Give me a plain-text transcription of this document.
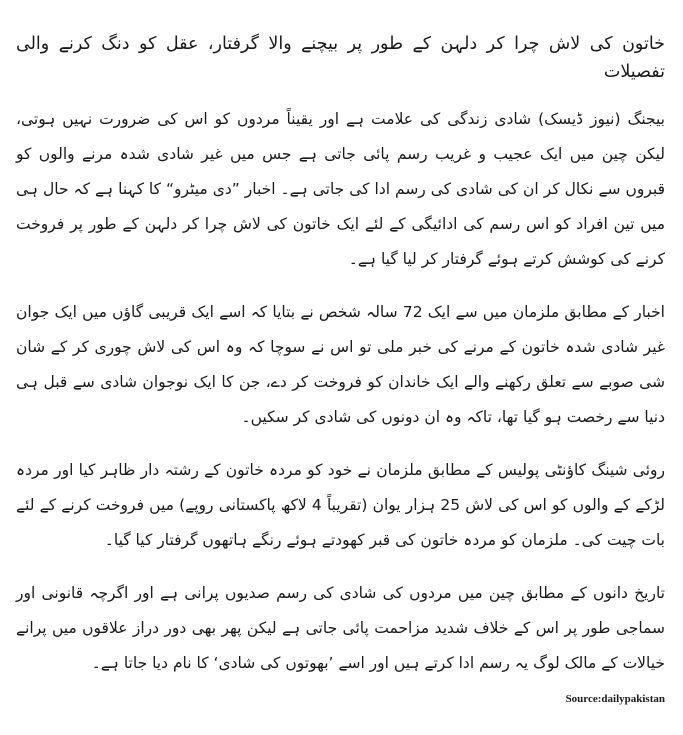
خاتون کی لاش چرا کر دلہن کے طور پر بیچنے والا گرفتار، عقل کو دنگ کرنے والی تفصیلات

بیجنگ (نیوز ڈیسک) شادی زندگی کی علامت ہے اور یقیناً مردوں کو اس کی ضرورت نہیں ہوتی، لیکن چین میں ایک عجیب و غریب رسم پائی جاتی ہے جس میں غیر شادی شدہ مرنے والوں کو قبروں سے نکال کر ان کی شادی کی رسم ادا کی جاتی ہے۔ اخبار ”دی میٹرو“ کا کہنا ہے کہ حال ہی میں تین افراد کو اس رسم کی ادائیگی کے لئے ایک خاتون کی لاش چرا کر دلہن کے طور پر فروخت کرنے کی کوشش کرتے ہوئے گرفتار کر لیا گیا ہے۔

اخبار کے مطابق ملزمان میں سے ایک 72 سالہ شخص نے بتایا کہ اسے ایک قریبی گاؤں میں ایک جوان غیر شادی شدہ خاتون کے مرنے کی خبر ملی تو اس نے سوچا کہ وہ اس کی لاش چوری کر کے شان شی صوبے سے تعلق رکھنے والے ایک خاندان کو فروخت کر دے، جن کا ایک نوجوان شادی سے قبل ہی دنیا سے رخصت ہو گیا تھا، تاکہ وہ ان دونوں کی شادی کر سکیں۔

روئی شینگ کاؤنٹی پولیس کے مطابق ملزمان نے خود کو مردہ خاتون کے رشتہ دار ظاہر کیا اور مردہ لڑکے کے والوں کو اس کی لاش 25 ہزار یوان (تقریباً 4 لاکھ پاکستانی روپے) میں فروخت کرنے کے لئے بات چیت کی۔ ملزمان کو مردہ خاتون کی قبر کھودتے ہوئے رنگے ہاتھوں گرفتار کیا گیا۔

تاریخ دانوں کے مطابق چین میں مردوں کی شادی کی رسم صدیوں پرانی ہے اور اگرچہ قانونی اور سماجی طور پر اس کے خلاف شدید مزاحمت پائی جاتی ہے لیکن پھر بھی دور دراز علاقوں میں پرانے خیالات کے مالک لوگ یہ رسم ادا کرتے ہیں اور اسے ’بھوتوں کی شادی‘ کا نام دیا جاتا ہے۔

Source:dailypakistan
